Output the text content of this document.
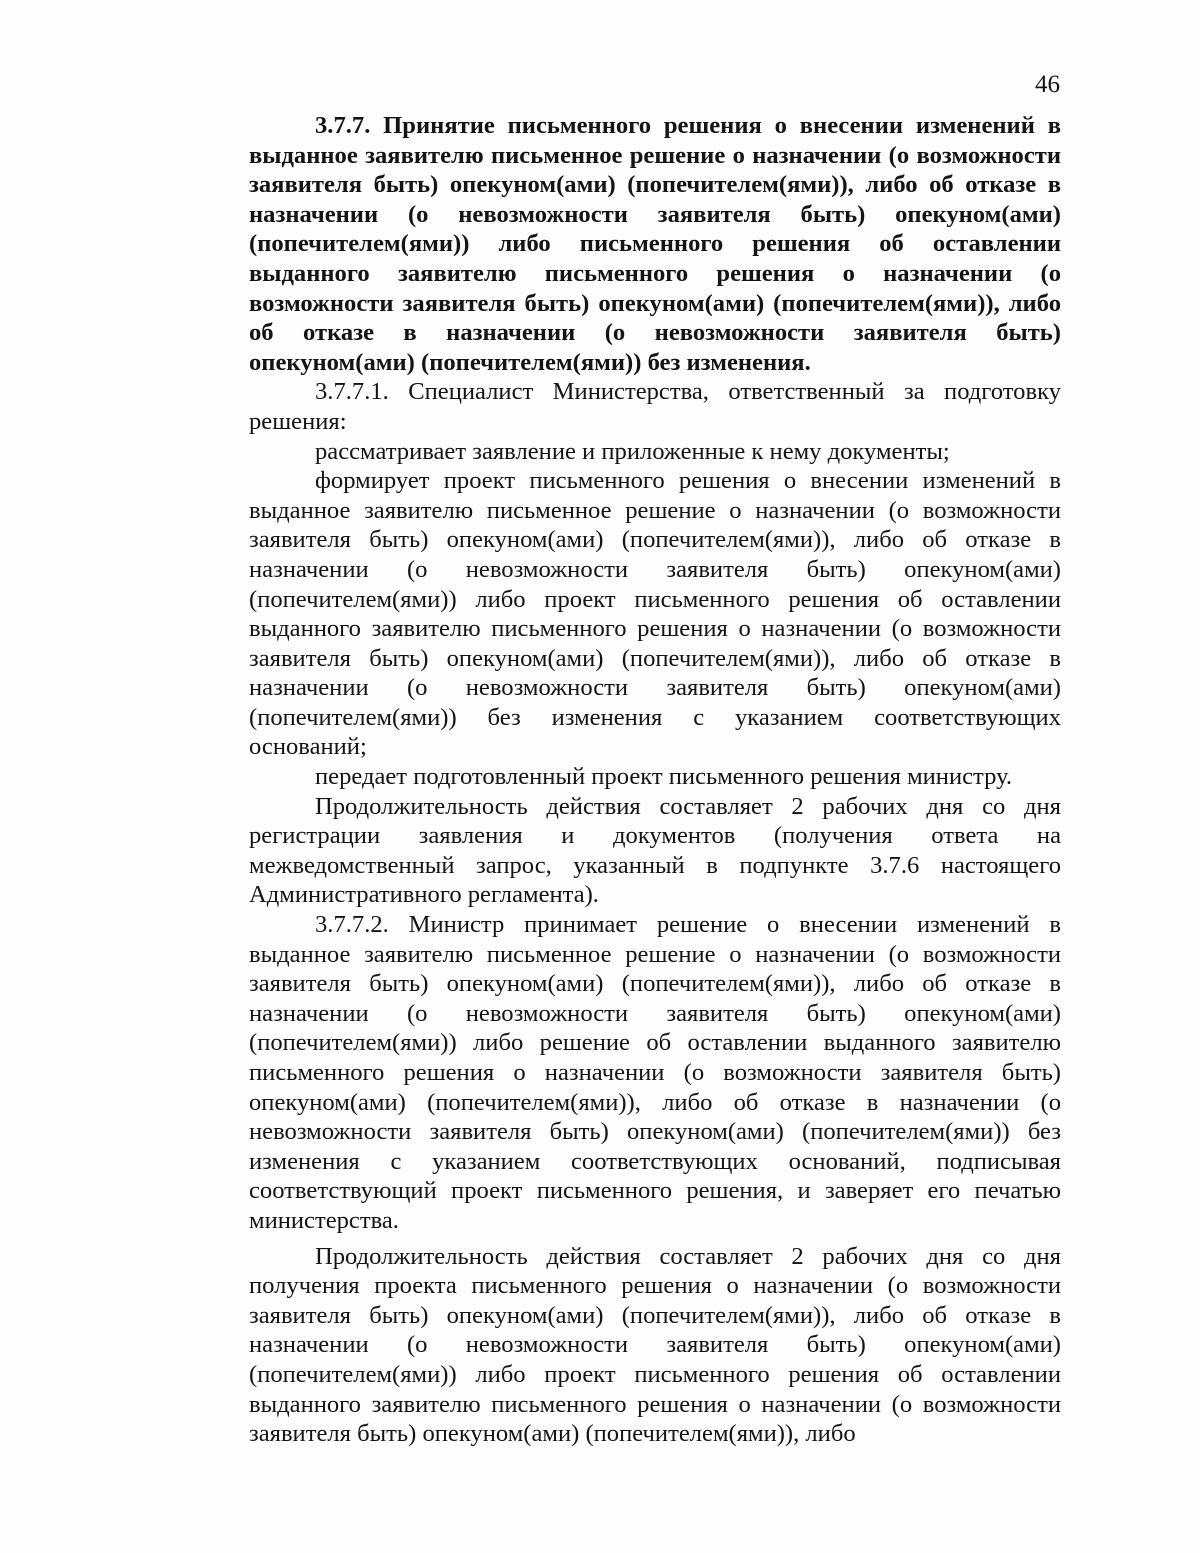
46

3.7.7. Принятие письменного решения о внесении изменений в выданное заявителю письменное решение о назначении (о возможности заявителя быть) опекуном(ами) (попечителем(ями)), либо об отказе в назначении (о невозможности заявителя быть) опекуном(ами) (попечителем(ями)) либо письменного решения об оставлении выданного заявителю письменного решения о назначении (о возможности заявителя быть) опекуном(ами) (попечителем(ями)), либо об отказе в назначении (о невозможности заявителя быть) опекуном(ами) (попечителем(ями)) без изменения.

3.7.7.1. Специалист Министерства, ответственный за подготовку решения:

рассматривает заявление и приложенные к нему документы;

формирует проект письменного решения о внесении изменений в выданное заявителю письменное решение о назначении (о возможности заявителя быть) опекуном(ами) (попечителем(ями)), либо об отказе в назначении (о невозможности заявителя быть) опекуном(ами) (попечителем(ями)) либо проект письменного решения об оставлении выданного заявителю письменного решения о назначении (о возможности заявителя быть) опекуном(ами) (попечителем(ями)), либо об отказе в назначении (о невозможности заявителя быть) опекуном(ами) (попечителем(ями)) без изменения с указанием соответствующих оснований;

передает подготовленный проект письменного решения министру.

Продолжительность действия составляет 2 рабочих дня со дня регистрации заявления и документов (получения ответа на межведомственный запрос, указанный в подпункте 3.7.6 настоящего Административного регламента).

3.7.7.2. Министр принимает решение о внесении изменений в выданное заявителю письменное решение о назначении (о возможности заявителя быть) опекуном(ами) (попечителем(ями)), либо об отказе в назначении (о невозможности заявителя быть) опекуном(ами) (попечителем(ями)) либо решение об оставлении выданного заявителю письменного решения о назначении (о возможности заявителя быть) опекуном(ами) (попечителем(ями)), либо об отказе в назначении (о невозможности заявителя быть) опекуном(ами) (попечителем(ями)) без изменения с указанием соответствующих оснований, подписывая соответствующий проект письменного решения, и заверяет его печатью министерства.

Продолжительность действия составляет 2 рабочих дня со дня получения проекта письменного решения о назначении (о возможности заявителя быть) опекуном(ами) (попечителем(ями)), либо об отказе в назначении (о невозможности заявителя быть) опекуном(ами) (попечителем(ями)) либо проект письменного решения об оставлении выданного заявителю письменного решения о назначении (о возможности заявителя быть) опекуном(ами) (попечителем(ями)), либо
